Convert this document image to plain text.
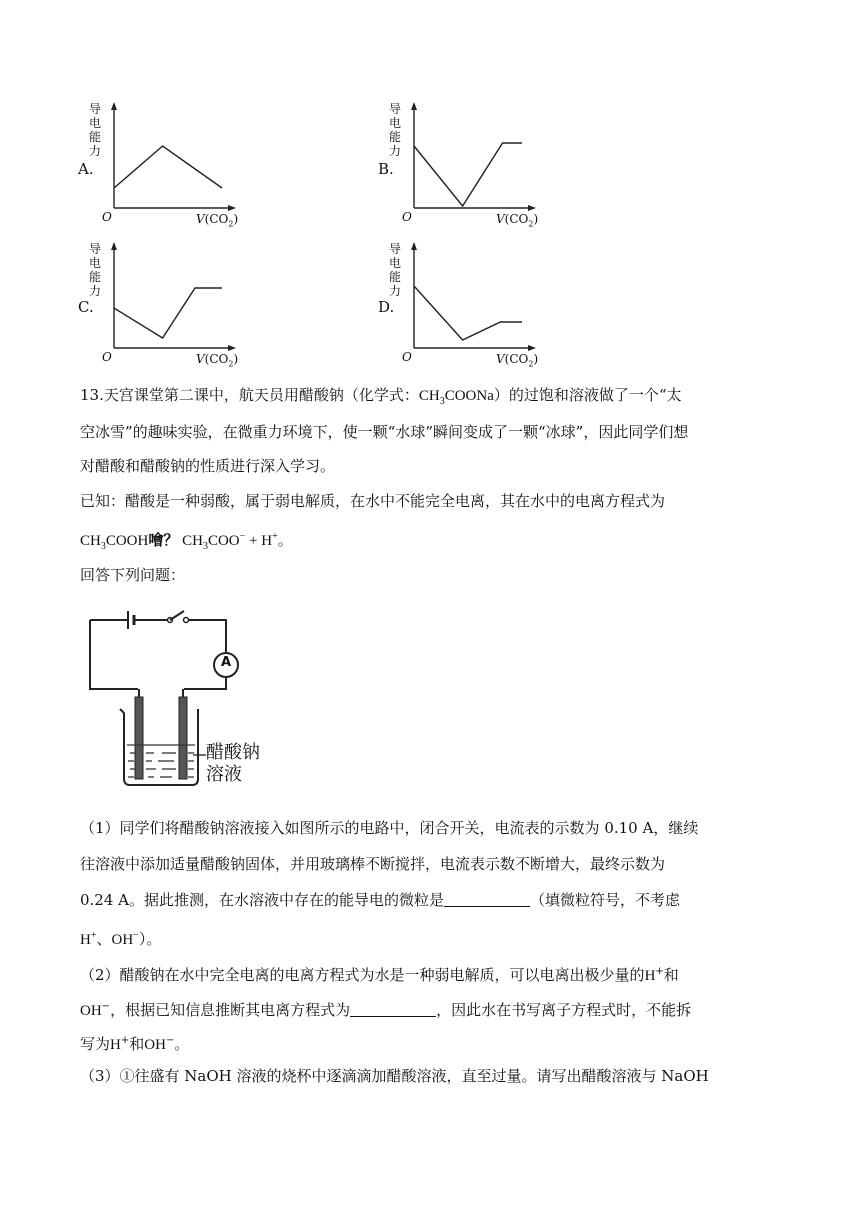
A.
导
电
能
力
O	$V(CO_2)$
B.
导
电
能
力
O	$V(CO_2)$
C.
导
电
能
力
O	$V(CO_2)$
D.
导
电
能
力
O	$V(CO_2)$
13.天宫课堂第二课中，航天员用醋酸钠（化学式：$CH_3COONa$）的过饱和溶液做了一个“太
空冰雪”的趣味实验，在微重力环境下，使一颗“水球”瞬间变成了一颗“冰球”，因此同学们想
对醋酸和醋酸钠的性质进行深入学习。
已知：醋酸是一种弱酸，属于弱电解质，在水中不能完全电离，其在水中的电离方程式为
$CH_3COOH$噲？ $CH_3COO^- + H^+$。
回答下列问题：
A
醋酸钠
溶液
（1）同学们将醋酸钠溶液接入如图所示的电路中，闭合开关，电流表的示数为 0.10 A，继续
往溶液中添加适量醋酸钠固体，并用玻璃棒不断搅拌，电流表示数不断增大，最终示数为
0.24 A。据此推测，在水溶液中存在的能导电的微粒是	（填微粒符号，不考虑
H+、OH−）。
（2）醋酸钠在水中完全电离的电离方程式为水是一种弱电解质，可以电离出极少量的H+和
OH−，根据已知信息推断其电离方程式为	，因此水在书写离子方程式时，不能拆
写为H+和OH−。
（3）①往盛有 NaOH 溶液的烧杯中逐滴滴加醋酸溶液，直至过量。请写出醋酸溶液与 NaOH
